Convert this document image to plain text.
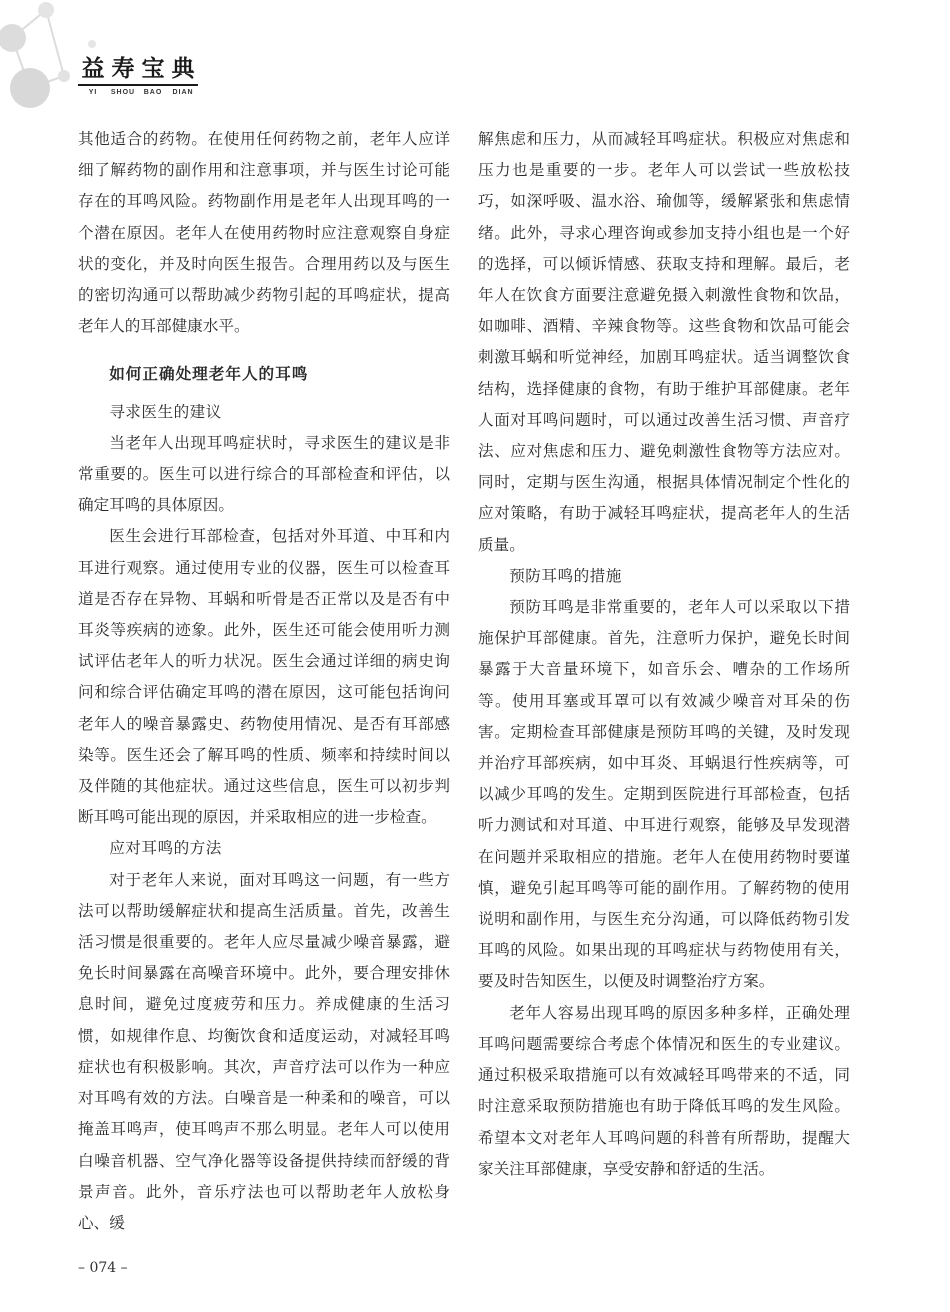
益 寿 宝 典
YI	SHOU	BAO	DIAN

其他适合的药物。在使用任何药物之前，老年人应详细了解药物的副作用和注意事项，并与医生讨论可能存在的耳鸣风险。药物副作用是老年人出现耳鸣的一个潜在原因。老年人在使用药物时应注意观察自身症状的变化，并及时向医生报告。合理用药以及与医生的密切沟通可以帮助减少药物引起的耳鸣症状，提高老年人的耳部健康水平。

如何正确处理老年人的耳鸣

寻求医生的建议

当老年人出现耳鸣症状时，寻求医生的建议是非常重要的。医生可以进行综合的耳部检查和评估，以确定耳鸣的具体原因。

医生会进行耳部检查，包括对外耳道、中耳和内耳进行观察。通过使用专业的仪器，医生可以检查耳道是否存在异物、耳蜗和听骨是否正常以及是否有中耳炎等疾病的迹象。此外，医生还可能会使用听力测试评估老年人的听力状况。医生会通过详细的病史询问和综合评估确定耳鸣的潜在原因，这可能包括询问老年人的噪音暴露史、药物使用情况、是否有耳部感染等。医生还会了解耳鸣的性质、频率和持续时间以及伴随的其他症状。通过这些信息，医生可以初步判断耳鸣可能出现的原因，并采取相应的进一步检查。

应对耳鸣的方法

对于老年人来说，面对耳鸣这一问题，有一些方法可以帮助缓解症状和提高生活质量。首先，改善生活习惯是很重要的。老年人应尽量减少噪音暴露，避免长时间暴露在高噪音环境中。此外，要合理安排休息时间，避免过度疲劳和压力。养成健康的生活习惯，如规律作息、均衡饮食和适度运动，对减轻耳鸣症状也有积极影响。其次，声音疗法可以作为一种应对耳鸣有效的方法。白噪音是一种柔和的噪音，可以掩盖耳鸣声，使耳鸣声不那么明显。老年人可以使用白噪音机器、空气净化器等设备提供持续而舒缓的背景声音。此外，音乐疗法也可以帮助老年人放松身心、缓

解焦虑和压力，从而减轻耳鸣症状。积极应对焦虑和压力也是重要的一步。老年人可以尝试一些放松技巧，如深呼吸、温水浴、瑜伽等，缓解紧张和焦虑情绪。此外，寻求心理咨询或参加支持小组也是一个好的选择，可以倾诉情感、获取支持和理解。最后，老年人在饮食方面要注意避免摄入刺激性食物和饮品，如咖啡、酒精、辛辣食物等。这些食物和饮品可能会刺激耳蜗和听觉神经，加剧耳鸣症状。适当调整饮食结构，选择健康的食物，有助于维护耳部健康。老年人面对耳鸣问题时，可以通过改善生活习惯、声音疗法、应对焦虑和压力、避免刺激性食物等方法应对。同时，定期与医生沟通，根据具体情况制定个性化的应对策略，有助于减轻耳鸣症状，提高老年人的生活质量。

预防耳鸣的措施

预防耳鸣是非常重要的，老年人可以采取以下措施保护耳部健康。首先，注意听力保护，避免长时间暴露于大音量环境下，如音乐会、嘈杂的工作场所等。使用耳塞或耳罩可以有效减少噪音对耳朵的伤害。定期检查耳部健康是预防耳鸣的关键，及时发现并治疗耳部疾病，如中耳炎、耳蜗退行性疾病等，可以减少耳鸣的发生。定期到医院进行耳部检查，包括听力测试和对耳道、中耳进行观察，能够及早发现潜在问题并采取相应的措施。老年人在使用药物时要谨慎，避免引起耳鸣等可能的副作用。了解药物的使用说明和副作用，与医生充分沟通，可以降低药物引发耳鸣的风险。如果出现的耳鸣症状与药物使用有关，要及时告知医生，以便及时调整治疗方案。

老年人容易出现耳鸣的原因多种多样，正确处理耳鸣问题需要综合考虑个体情况和医生的专业建议。通过积极采取措施可以有效减轻耳鸣带来的不适，同时注意采取预防措施也有助于降低耳鸣的发生风险。希望本文对老年人耳鸣问题的科普有所帮助，提醒大家关注耳部健康，享受安静和舒适的生活。

– 074 –
